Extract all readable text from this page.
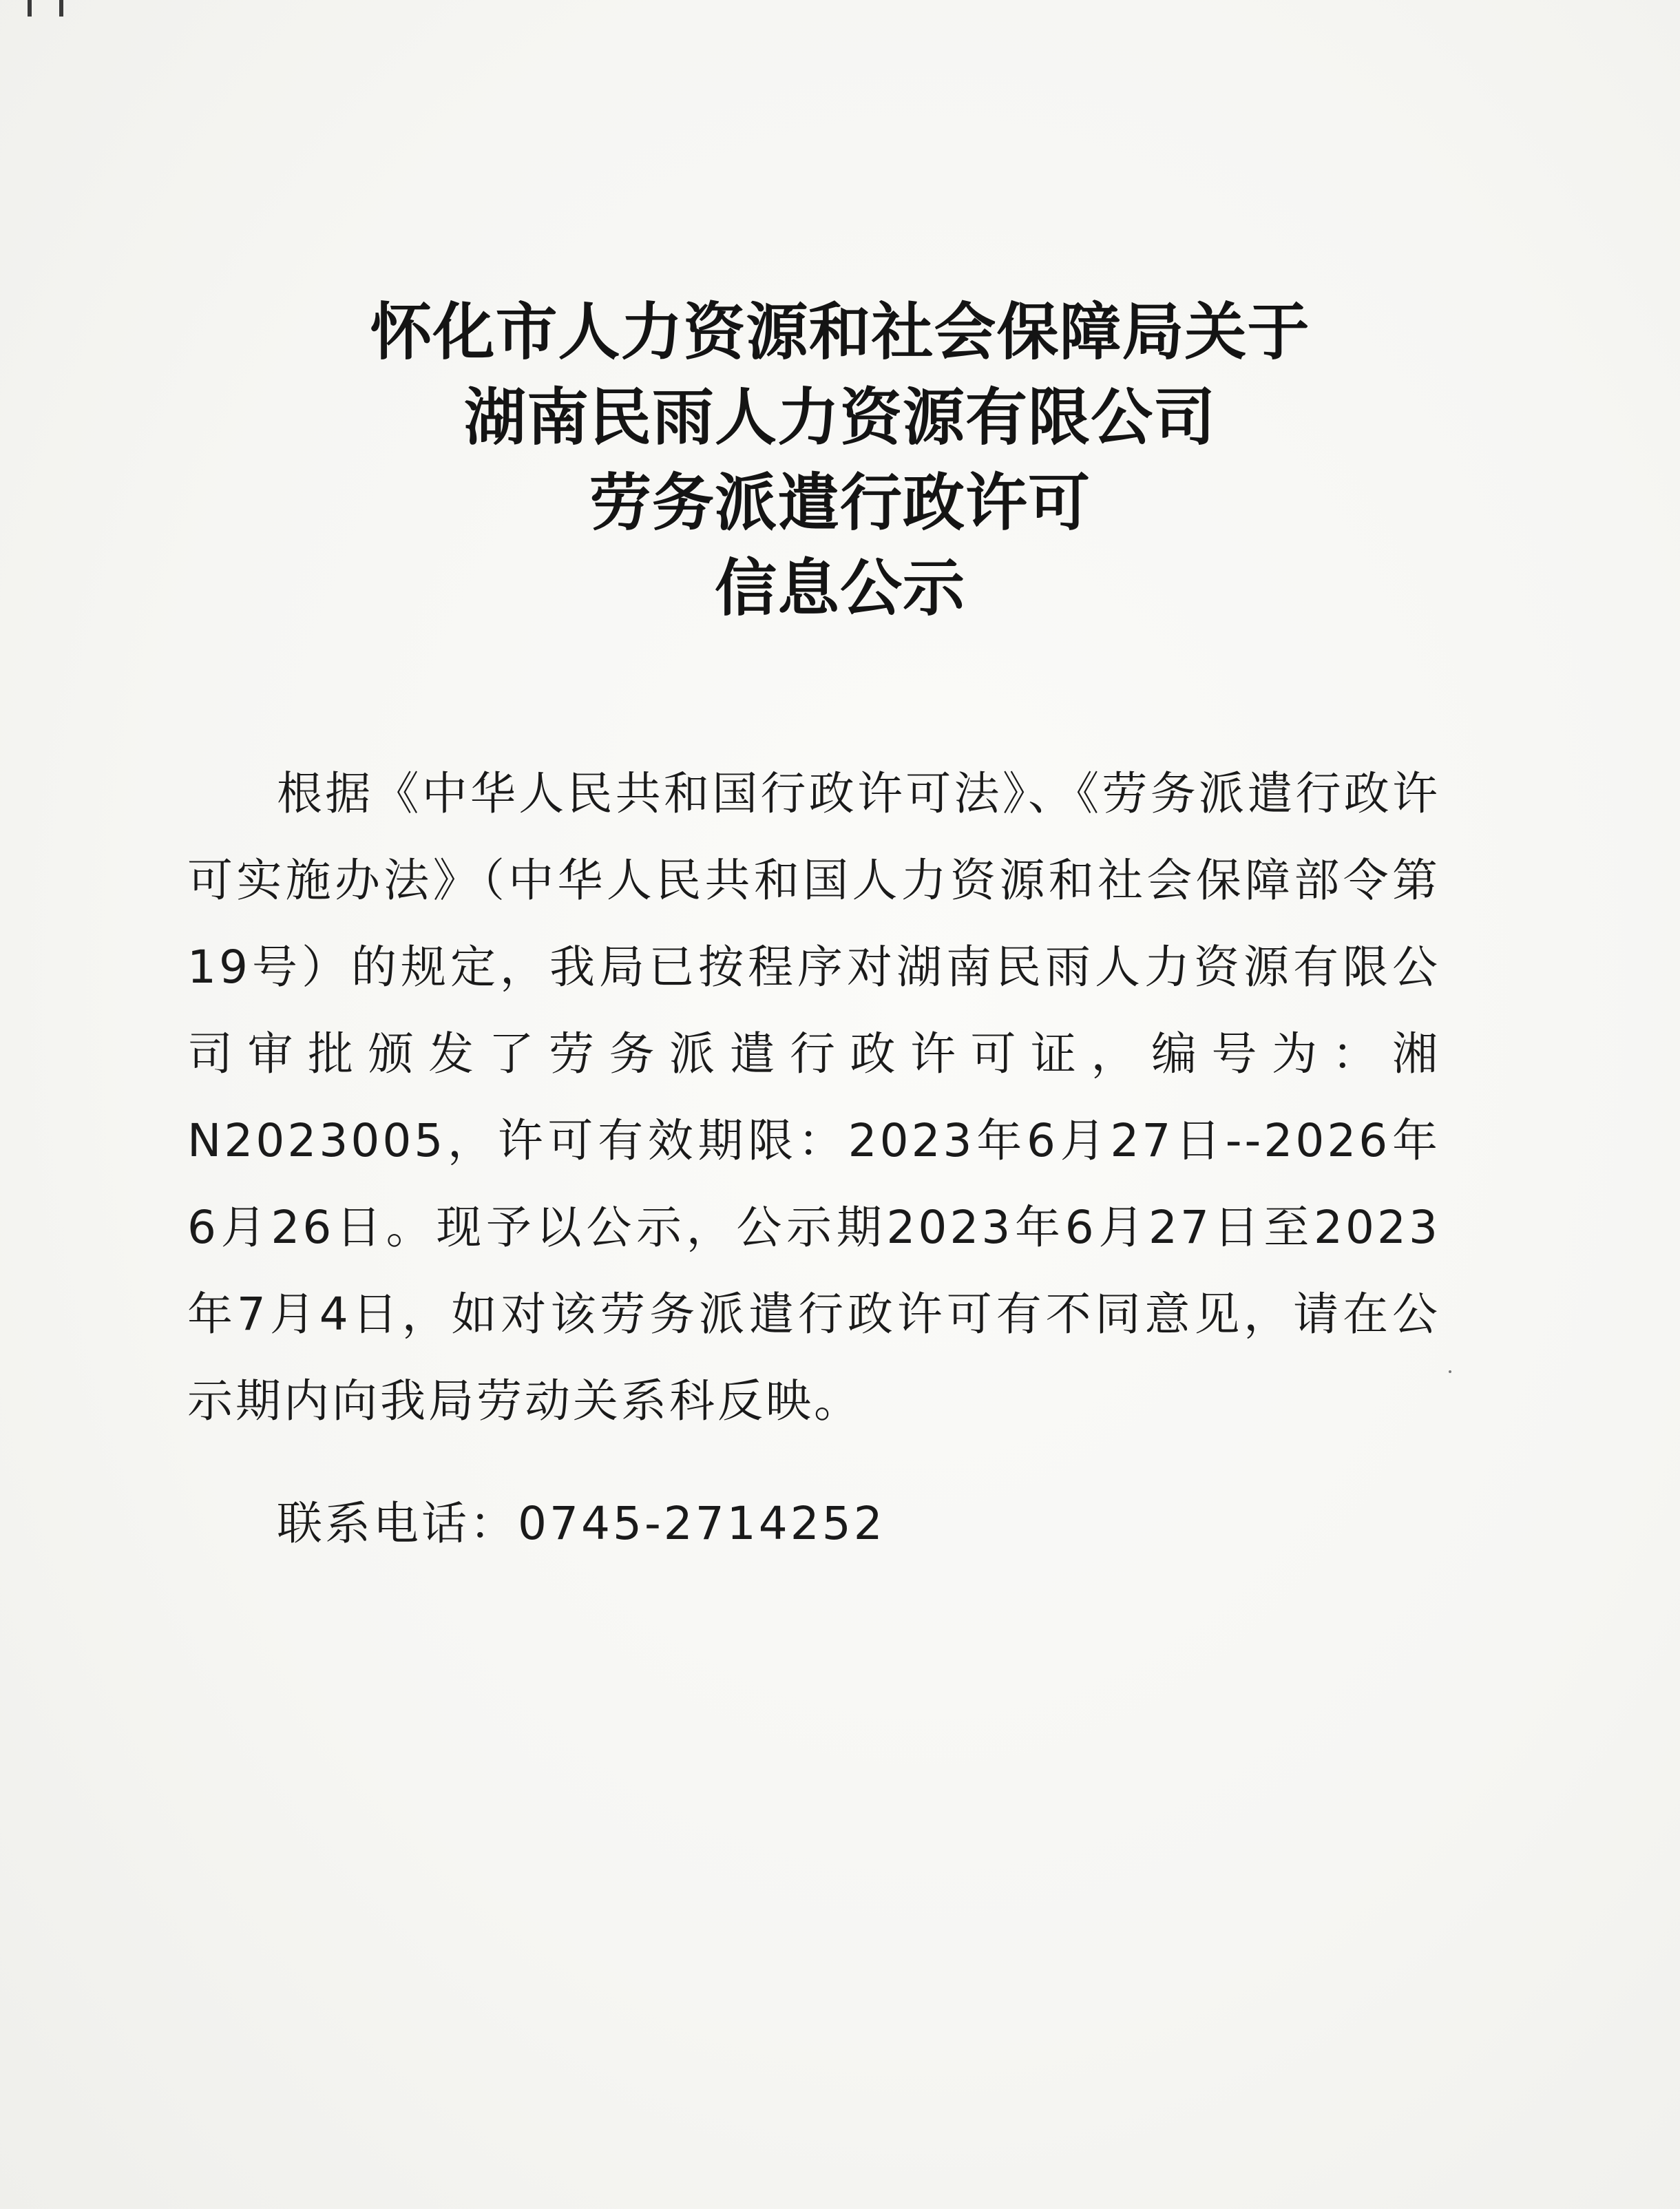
怀化市人力资源和社会保障局关于
湖南民雨人力资源有限公司
劳务派遣行政许可
信息公示

根据《中华人民共和国行政许可法》、《劳务派遣行政许可实施办法》（中华人民共和国人力资源和社会保障部令第19号）的规定，我局已按程序对湖南民雨人力资源有限公司审批颁发了劳务派遣行政许可证，编号为：湘N2023005，许可有效期限：2023年6月27日--2026年6月26日。现予以公示，公示期2023年6月27日至2023年7月4日，如对该劳务派遣行政许可有不同意见，请在公示期内向我局劳动关系科反映。

联系电话：0745-2714252
